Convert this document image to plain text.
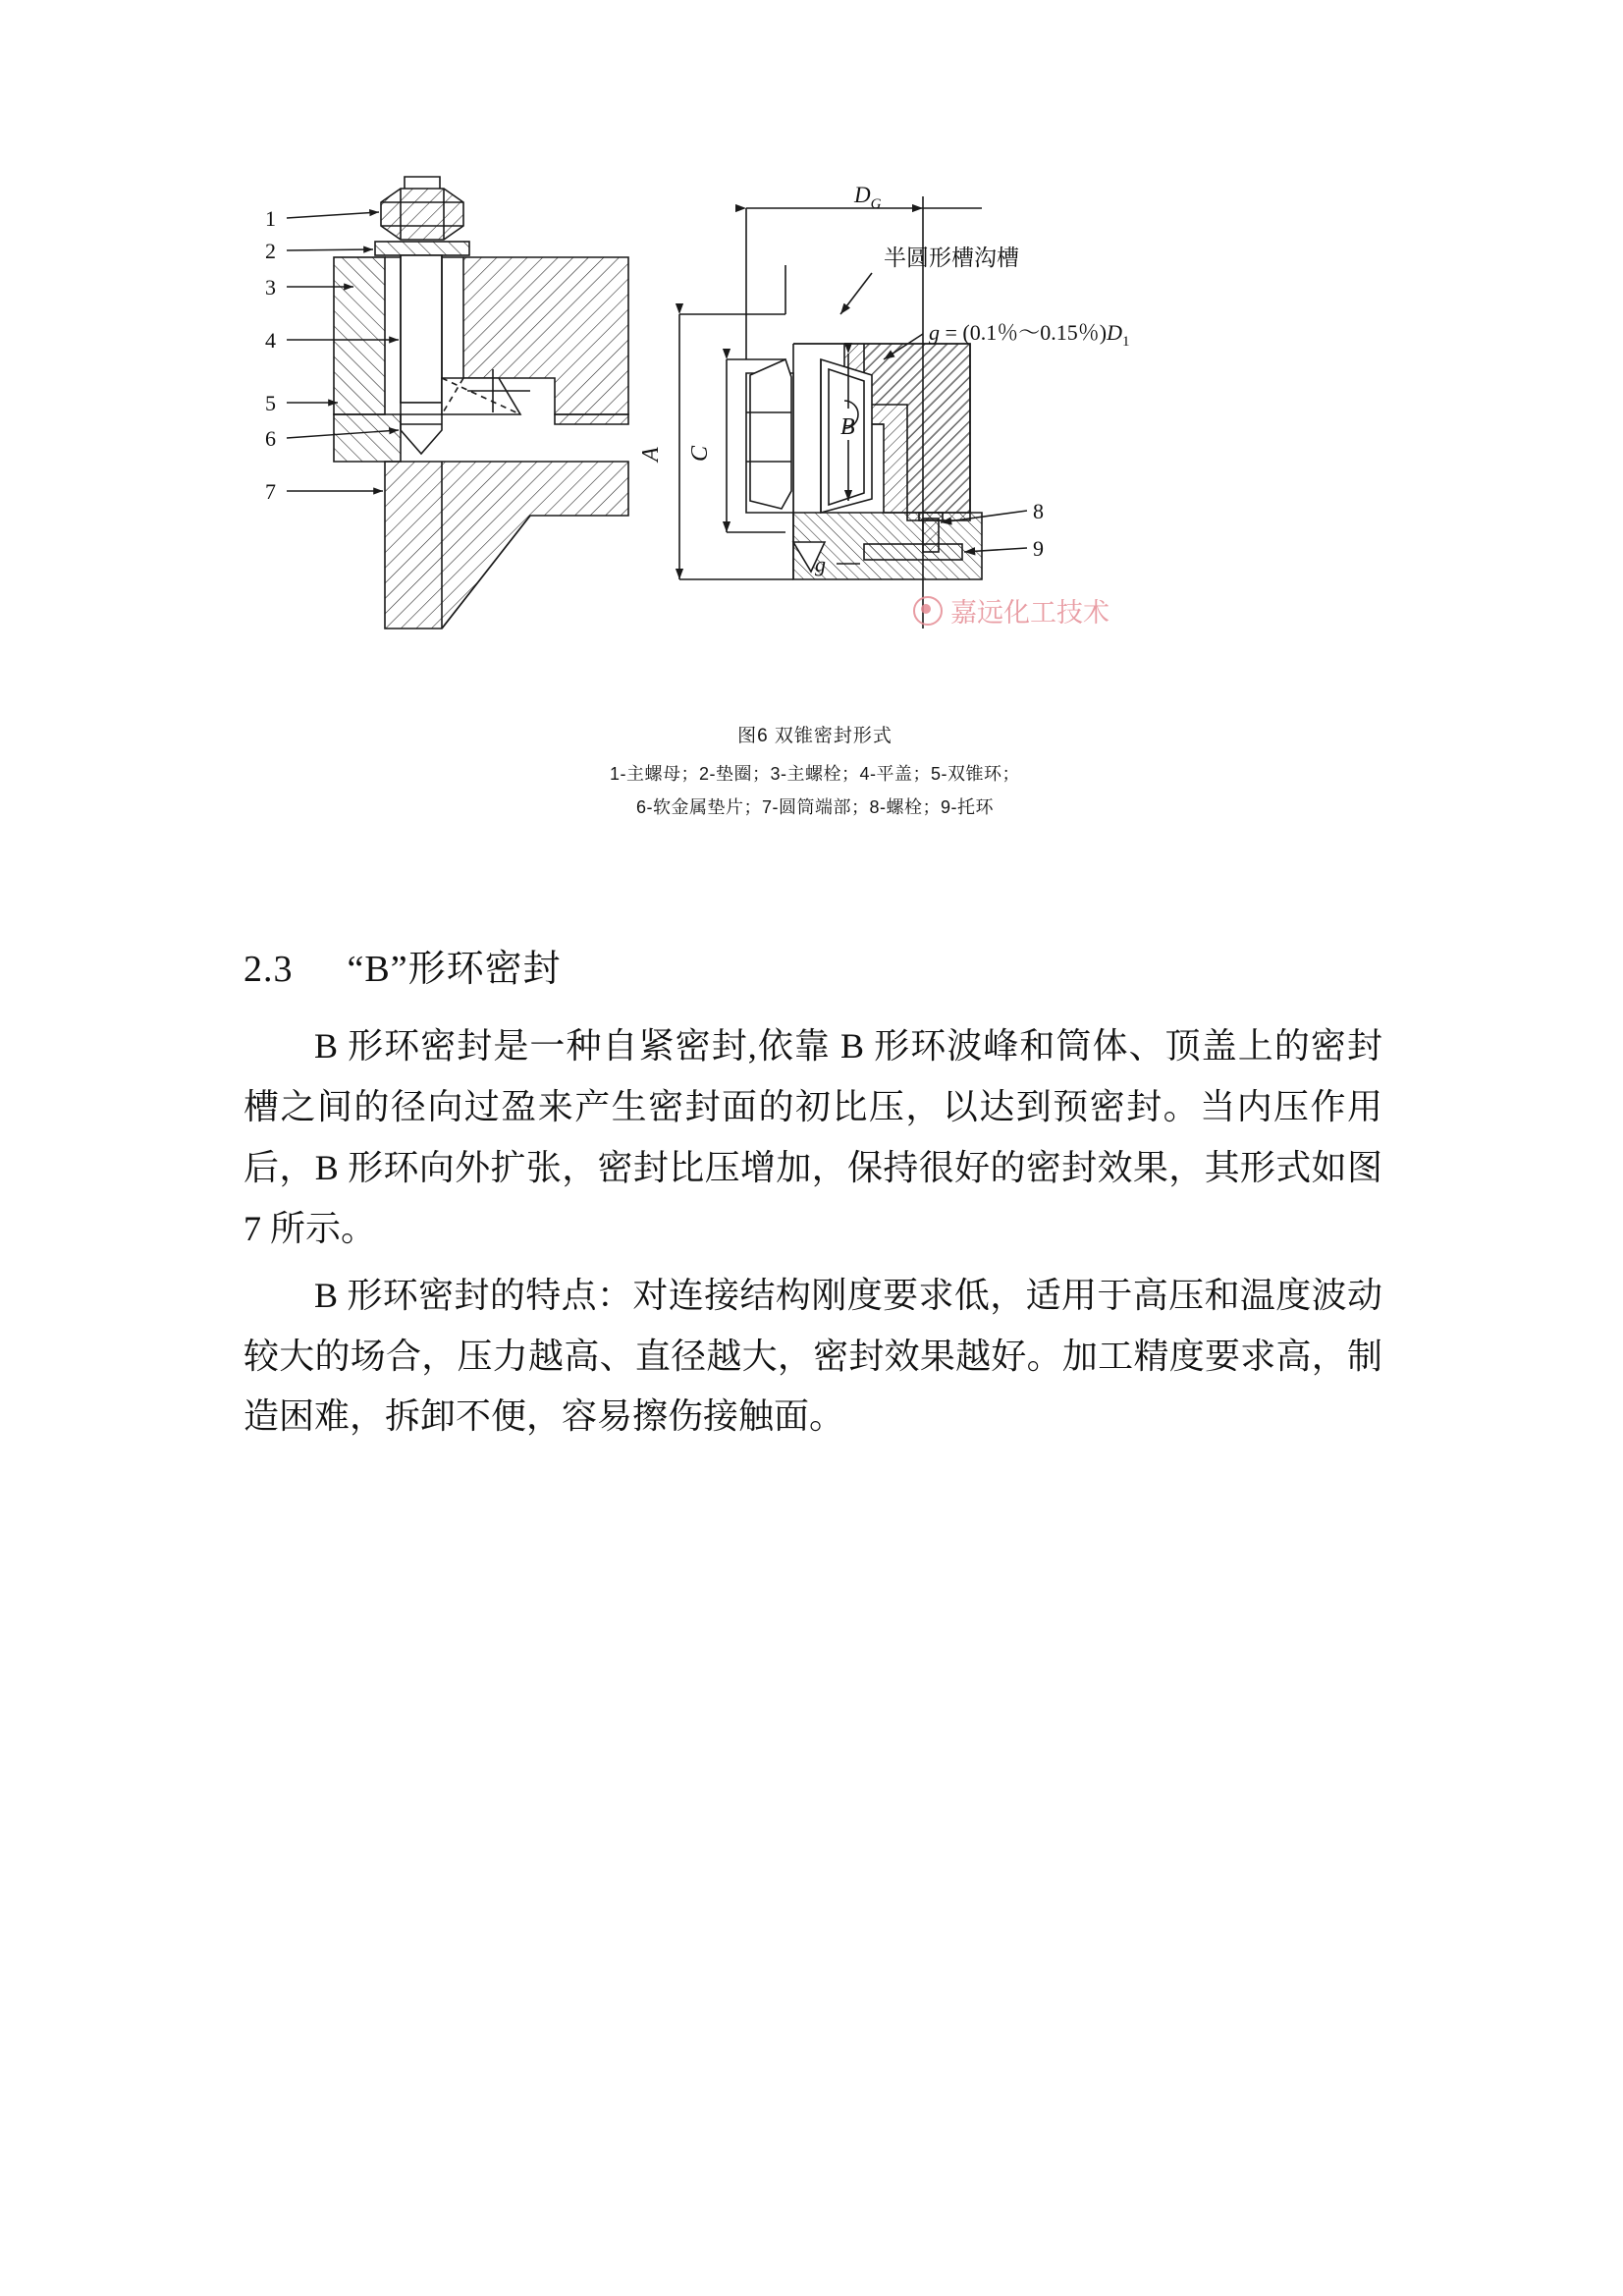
1
2
3
4
5
6
7
8
9
$D_G$
A C
B
g
半圆形槽沟槽
g = (0.1％～0.15％)$D_1$
嘉远化工技术
图6 双锥密封形式
1-主螺母；2-垫圈；3-主螺栓；4-平盖；5-双锥环；
6-软金属垫片；7-圆筒端部；8-螺栓；9-托环
2.3 “B”形环密封

B 形环密封是一种自紧密封,依靠 B 形环波峰和筒体、顶盖上的密封槽之间的径向过盈来产生密封面的初比压，以达到预密封。当内压作用后，B 形环向外扩张，密封比压增加，保持很好的密封效果，其形式如图 7 所示。

B 形环密封的特点：对连接结构刚度要求低，适用于高压和温度波动较大的场合，压力越高、直径越大，密封效果越好。加工精度要求高，制造困难，拆卸不便，容易擦伤接触面。
